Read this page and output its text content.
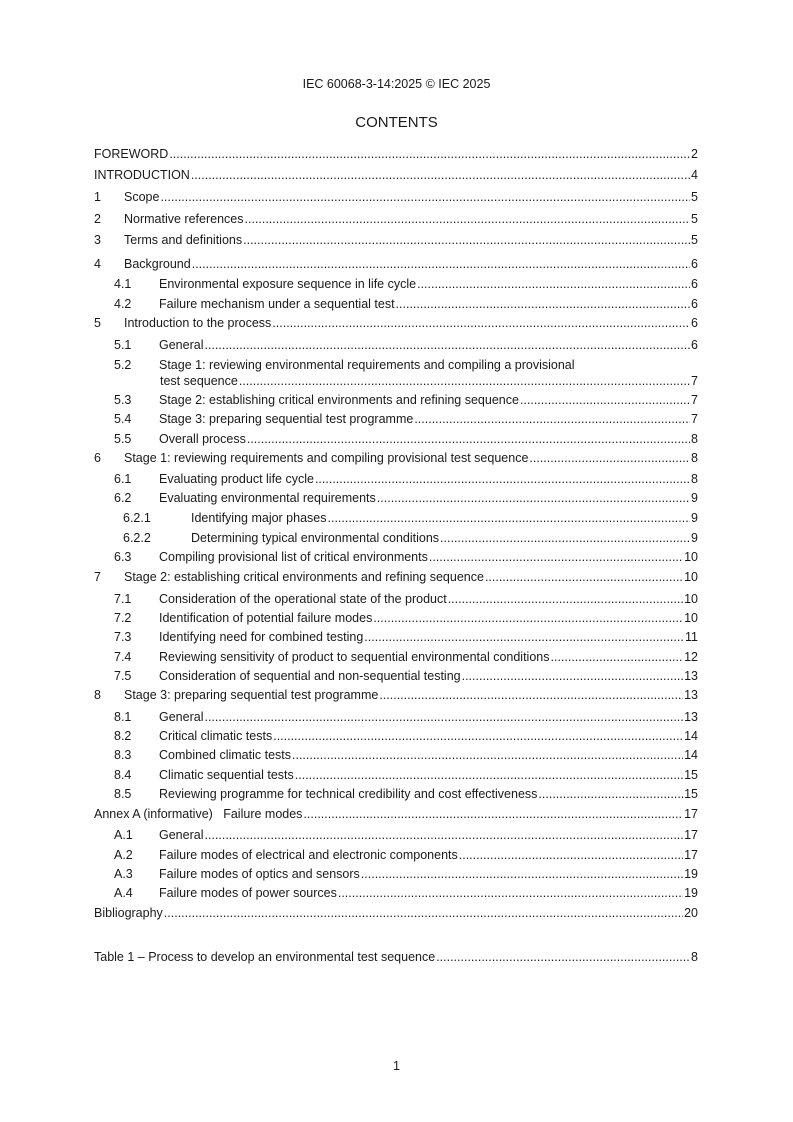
IEC 60068-3-14:2025 © IEC 2025
CONTENTS
FOREWORD .....	2
INTRODUCTION .....	4
1	Scope .....	5
2	Normative references .....	5
3	Terms and definitions .....	5
4	Background .....	6
4.1	Environmental exposure sequence in life cycle .....	6
4.2	Failure mechanism under a sequential test .....	6
5	Introduction to the process .....	6
5.1	General .....	6
5.2 Stage 1: reviewing environmental requirements and compiling a provisional
test sequence .....	7
5.3	Stage 2: establishing critical environments and refining sequence .....	7
5.4	Stage 3: preparing sequential test programme .....	7
5.5	Overall process .....	8
6	Stage 1: reviewing requirements and compiling provisional test sequence .....	8
6.1	Evaluating product life cycle .....	8
6.2	Evaluating environmental requirements .....	9
6.2.1	Identifying major phases .....	9
6.2.2	Determining typical environmental conditions .....	9
6.3	Compiling provisional list of critical environments .....	10
7	Stage 2: establishing critical environments and refining sequence .....	10
7.1	Consideration of the operational state of the product .....	10
7.2	Identification of potential failure modes .....	10
7.3	Identifying need for combined testing .....	11
7.4	Reviewing sensitivity of product to sequential environmental conditions .....	12
7.5	Consideration of sequential and non-sequential testing .....	13
8	Stage 3: preparing sequential test programme .....	13
8.1	General .....	13
8.2	Critical climatic tests .....	14
8.3	Combined climatic tests .....	14
8.4	Climatic sequential tests .....	15
8.5	Reviewing programme for technical credibility and cost effectiveness .....	15
Annex A (informative)   Failure modes .....	17
A.1	General .....	17
A.2	Failure modes of electrical and electronic components .....	17
A.3	Failure modes of optics and sensors .....	19
A.4	Failure modes of power sources .....	19
Bibliography .....	20
Table 1 – Process to develop an environmental test sequence .....	8
1
